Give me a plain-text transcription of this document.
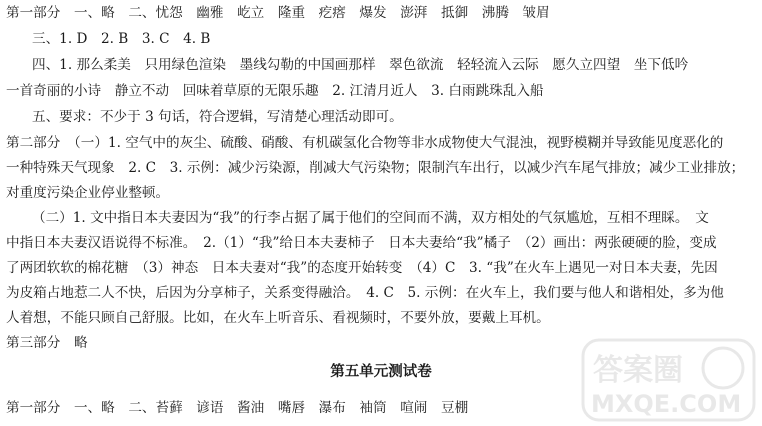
第一部分　一、略　二、忧怨　幽雅　屹立　隆重　疙瘩　爆发　澎湃　抵御　沸腾　皱眉
三、1. D　2. B　3. C　4. B
四、1. 那么柔美　只用绿色渲染　墨线勾勒的中国画那样　翠色欲流　轻轻流入云际　愿久立四望　坐下低吟
一首奇丽的小诗　静立不动　回味着草原的无限乐趣　2. 江清月近人　3. 白雨跳珠乱入船
五、要求：不少于 3 句话，符合逻辑，写清楚心理活动即可。
第二部分　（一）1. 空气中的灰尘、硫酸、硝酸、有机碳氢化合物等非水成物使大气混浊，视野模糊并导致能见度恶化的
一种特殊天气现象　2. C　3. 示例：减少污染源，削减大气污染物；限制汽车出行，以减少汽车尾气排放；减少工业排放；
对重度污染企业停业整顿。
（二）1. 文中指日本夫妻因为“我”的行李占据了属于他们的空间而不满，双方相处的气氛尴尬，互相不理睬。　文
中指日本夫妻汉语说得不标准。　2.（1）“我”给日本夫妻柿子　日本夫妻给“我”橘子　（2）画出：两张硬硬的脸，变成
了两团软软的棉花糖　（3）神态　日本夫妻对“我”的态度开始转变　（4）C　3. “我”在火车上遇见一对日本夫妻，先因
为皮箱占地惹二人不快，后因为分享柿子，关系变得融洽。　4. C　5. 示例：在火车上，我们要与他人和谐相处，多为他
人着想，不能只顾自己舒服。比如，在火车上听音乐、看视频时，不要外放，要戴上耳机。
第三部分　略
第五单元测试卷
第一部分　一、略　二、苔藓　谚语　酱油　嘴唇　瀑布　袖筒　喧闹　豆棚
答案圈
MXQE.COM
